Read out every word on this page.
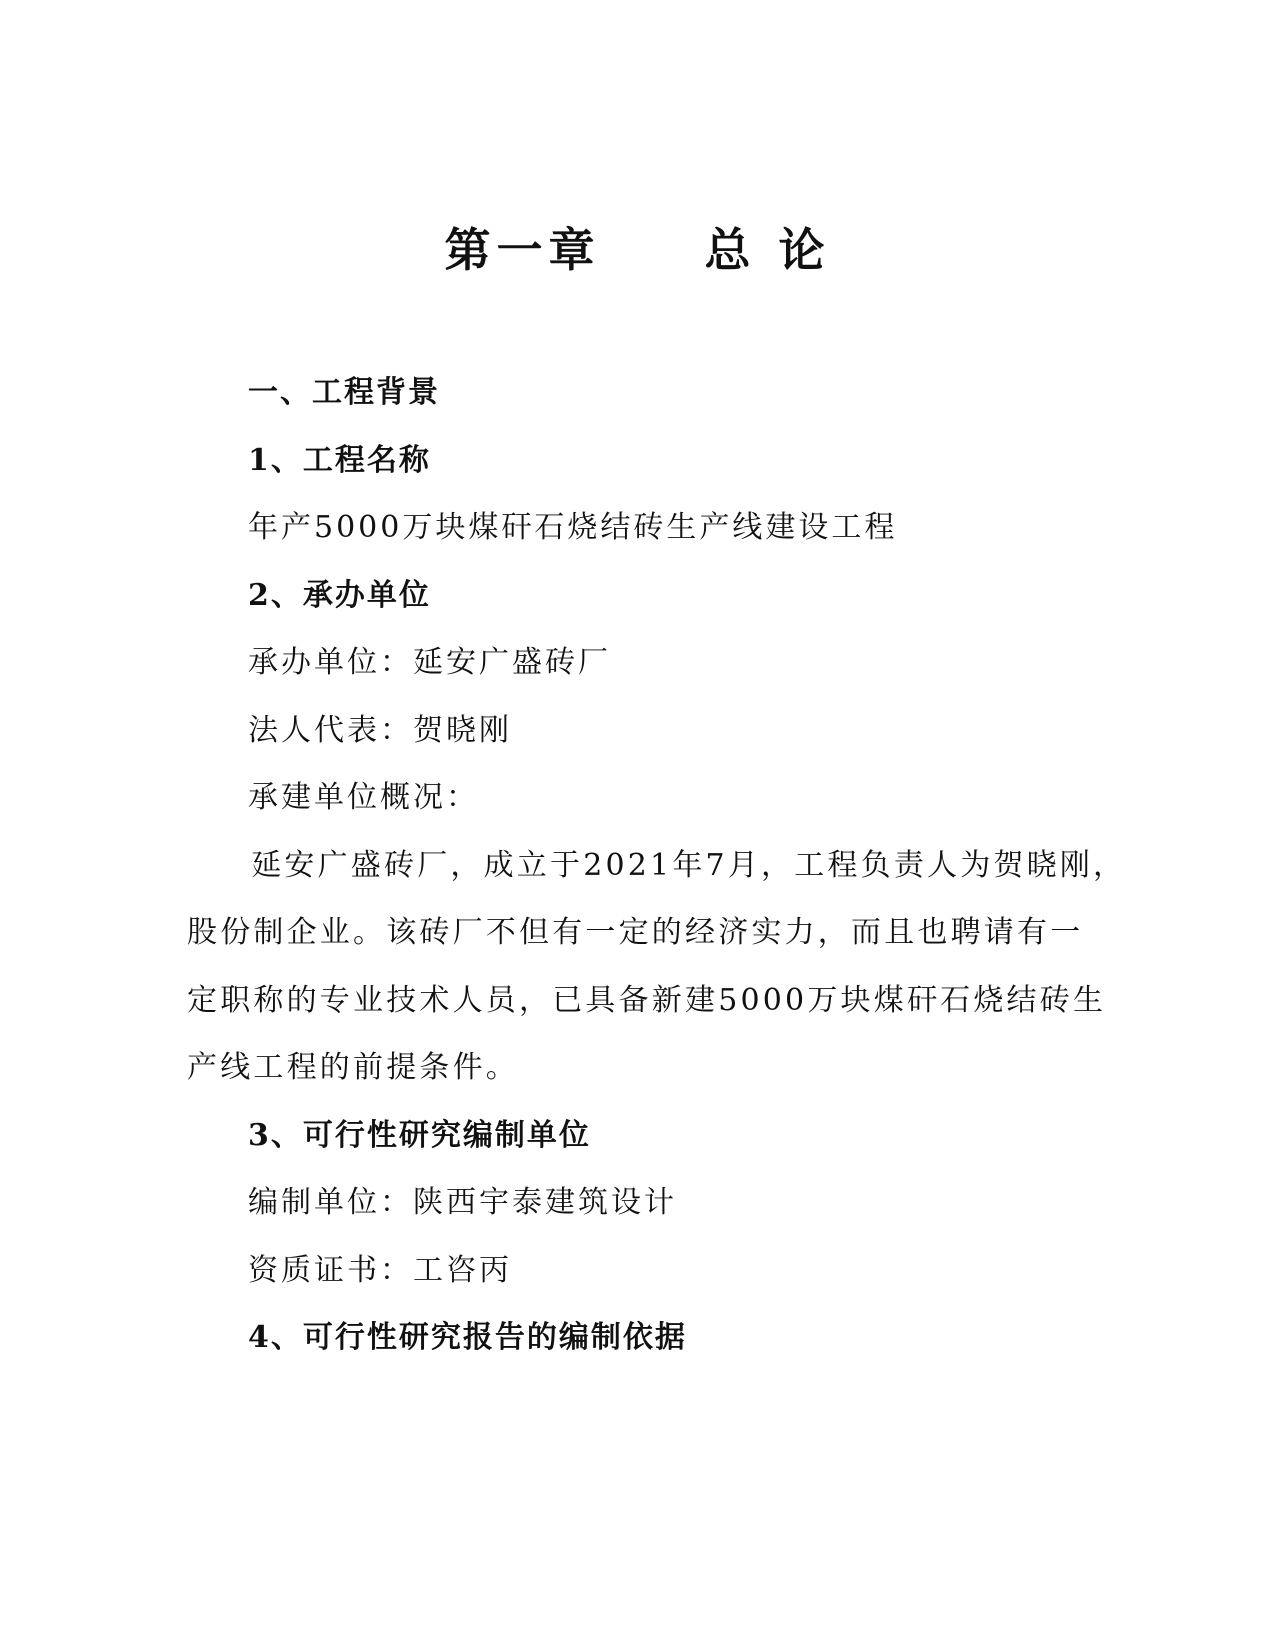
第一章　　总 论
一、工程背景
1、工程名称
年产5000万块煤矸石烧结砖生产线建设工程
2、承办单位
承办单位：延安广盛砖厂
法人代表：贺晓刚
承建单位概况：
　延安广盛砖厂，成立于2021年7月，工程负责人为贺晓刚，
股份制企业。该砖厂不但有一定的经济实力，而且也聘请有一
定职称的专业技术人员，已具备新建5000万块煤矸石烧结砖生
产线工程的前提条件。
3、可行性研究编制单位
编制单位：陕西宇泰建筑设计
资质证书：工咨丙
4、可行性研究报告的编制依据
